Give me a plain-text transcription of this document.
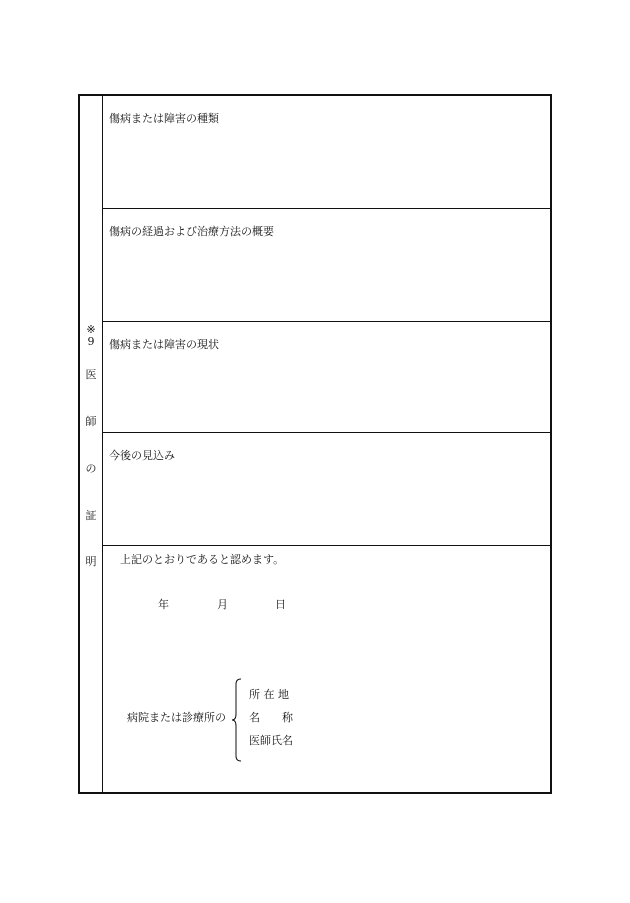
※
9
医
師
の
証
明
傷病または障害の種類
傷病の経過および治療方法の概要
傷病または障害の現状
今後の見込み
上記のとおりであると認めます。
年	月	日
病院または診療所の
所 在 地
名　　称
医師氏名
